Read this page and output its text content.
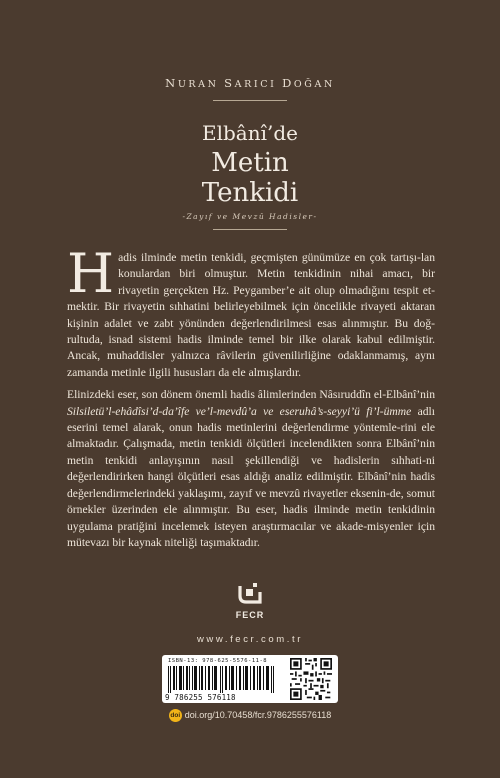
NURAN SARICI DOĞAN
Elbânî’de
Metin
Tenkidi
-Zayıf ve Mevzû Hadisler-

Hadis ilminde metin tenkidi, geçmişten günümüze en çok tartışı-lan konulardan biri olmuştur. Metin tenkidinin nihai amacı, bir rivayetin gerçekten Hz. Peygamber’e ait olup olmadığını tespit et-mektir. Bir rivayetin sıhhatini belirleyebilmek için öncelikle rivayeti aktaran kişinin adalet ve zabt yönünden değerlendirilmesi esas alınmıştır. Bu doğ-rultuda, isnad sistemi hadis ilminde temel bir ilke olarak kabul edilmiştir. Ancak, muhaddisler yalnızca râvilerin güvenilirliğine odaklanmamış, aynı zamanda metinle ilgili hususları da ele almışlardır.

Elinizdeki eser, son dönem önemli hadis âlimlerinden Nâsıruddîn el-Elbânî’nin Silsiletü’l-ehâdîsi’d-da’îfe ve’l-mevdû’a ve eseruhâ’s-seyyi’ü fi’l-ümme adlı eserini temel alarak, onun hadis metinlerini değerlendirme yöntemle-rini ele almaktadır. Çalışmada, metin tenkidi ölçütleri incelendikten sonra Elbânî’nin metin tenkidi anlayışının nasıl şekillendiği ve hadislerin sıhhati-ni değerlendirirken hangi ölçütleri esas aldığı analiz edilmiştir. Elbânî’nin hadis değerlendirmelerindeki yaklaşımı, zayıf ve mevzû rivayetler eksenin-de, somut örnekler üzerinden ele alınmıştır. Bu eser, hadis ilminde metin tenkidinin uygulama pratiğini incelemek isteyen araştırmacılar ve akade-misyenler için mütevazı bir kaynak niteliği taşımaktadır.

FECR
www.fecr.com.tr
ISBN-13: 978-625-5576-11-8
9 786255 576118
doi doi.org/10.70458/fcr.9786255576118
